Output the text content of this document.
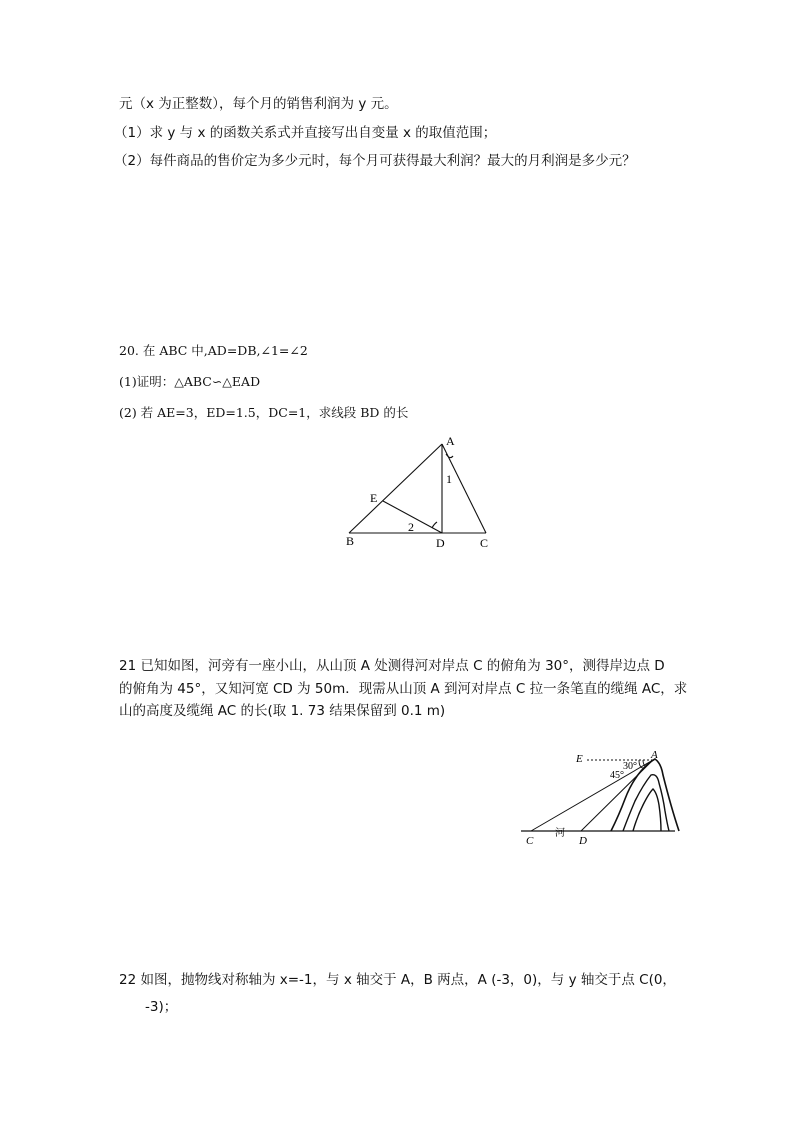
元（x 为正整数），每个月的销售利润为 y 元。
（1）求 y 与 x 的函数关系式并直接写出自变量 x 的取值范围；
（2）每件商品的售价定为多少元时，每个月可获得最大利润？最大的月利润是多少元？
20. 在 ABC 中,AD=DB,∠1=∠2
(1)证明：△ABC∽△EAD
(2) 若 AE=3，ED=1.5，DC=1，求线段 BD 的长
A
B	C
D
E
1
2
21 已知如图，河旁有一座小山，从山顶 A 处测得河对岸点 C 的俯角为 30°，测得岸边点 D
的俯角为 45°，又知河宽 CD 为 50m．现需从山顶 A 到河对岸点 C 拉一条笔直的缆绳 AC，求
山的高度及缆绳 AC 的长(取 1. 73 结果保留到 0.1 m)
E	A
30°
45°
河
C	D
22 如图，抛物线对称轴为 x=-1，与 x 轴交于 A，B 两点，A (-3，0)，与 y 轴交于点 C(0，
-3)；
